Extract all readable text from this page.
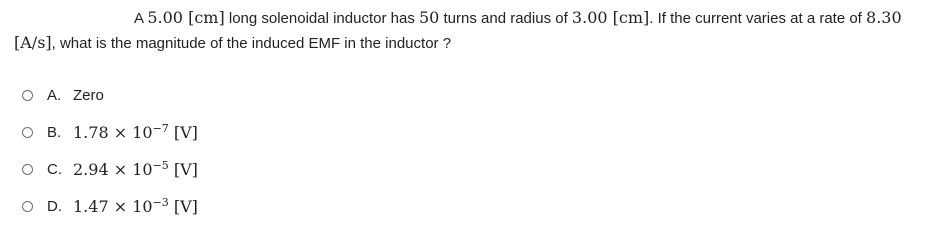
A 5.00 [cm] long solenoidal inductor has 50 turns and radius of 3.00 [cm]. If the current varies at a rate of 8.30 [A/s], what is the magnitude of the induced EMF in the inductor ?
A. Zero
B. $1.78 \times 10^{-7}$ [V]
C. $2.94 \times 10^{-5}$ [V]
D. $1.47 \times 10^{-3}$ [V]
